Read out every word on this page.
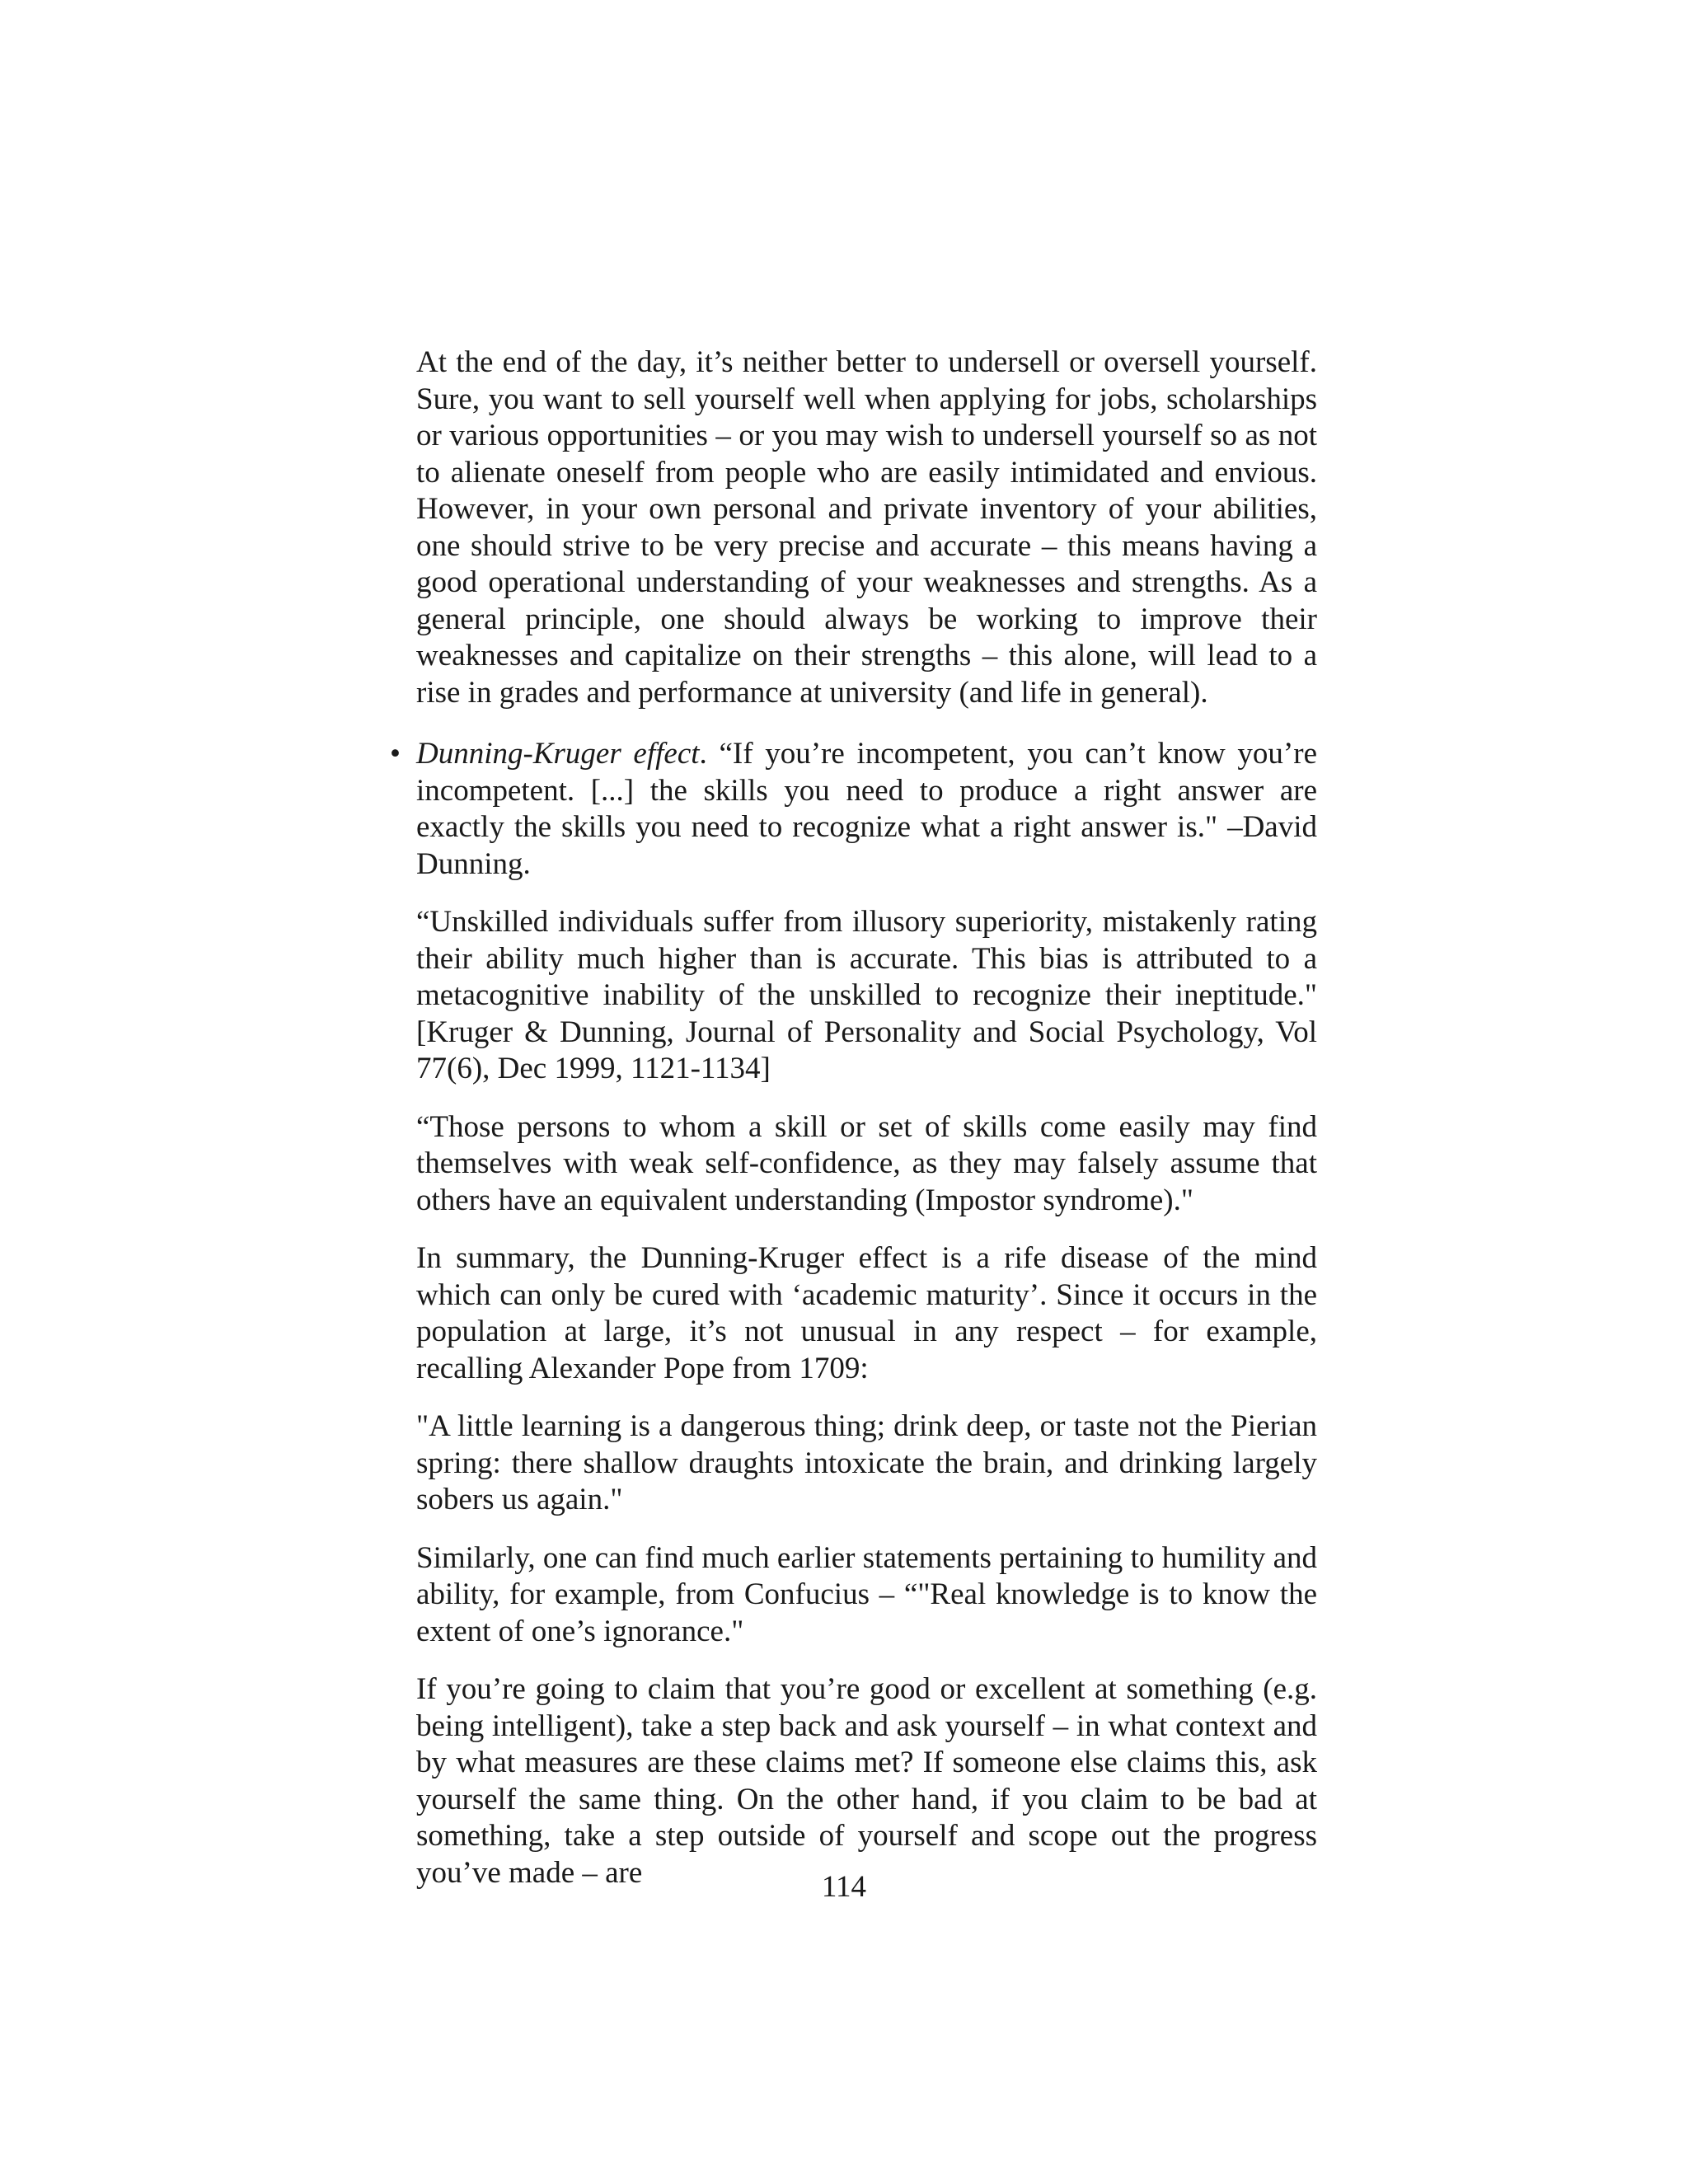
At the end of the day, it’s neither better to undersell or oversell yourself. Sure, you want to sell yourself well when applying for jobs, scholarships or various opportunities – or you may wish to undersell yourself so as not to alienate oneself from people who are easily intimidated and envious. However, in your own personal and private inventory of your abilities, one should strive to be very precise and accurate – this means having a good operational understanding of your weaknesses and strengths. As a general principle, one should always be working to improve their weaknesses and capitalize on their strengths – this alone, will lead to a rise in grades and performance at university (and life in general).

• Dunning-Kruger effect. “If you’re incompetent, you can’t know you’re incompetent. [...] the skills you need to produce a right answer are exactly the skills you need to recognize what a right answer is." –David Dunning.

“Unskilled individuals suffer from illusory superiority, mistakenly rating their ability much higher than is accurate. This bias is attributed to a metacognitive inability of the unskilled to recognize their ineptitude."[Kruger & Dunning, Journal of Personality and Social Psychology, Vol 77(6), Dec 1999, 1121-1134]

“Those persons to whom a skill or set of skills come easily may find themselves with weak self-confidence, as they may falsely assume that others have an equivalent understanding (Impostor syndrome)."

In summary, the Dunning-Kruger effect is a rife disease of the mind which can only be cured with ‘academic maturity’. Since it occurs in the population at large, it’s not unusual in any respect – for example, recalling Alexander Pope from 1709:

"A little learning is a dangerous thing; drink deep, or taste not the Pierian spring: there shallow draughts intoxicate the brain, and drinking largely sobers us again."

Similarly, one can find much earlier statements pertaining to humility and ability, for example, from Confucius – “"Real knowledge is to know the extent of one’s ignorance."

If you’re going to claim that you’re good or excellent at something (e.g. being intelligent), take a step back and ask yourself – in what context and by what measures are these claims met? If someone else claims this, ask yourself the same thing. On the other hand, if you claim to be bad at something, take a step outside of yourself and scope out the progress you’ve made – are	114
